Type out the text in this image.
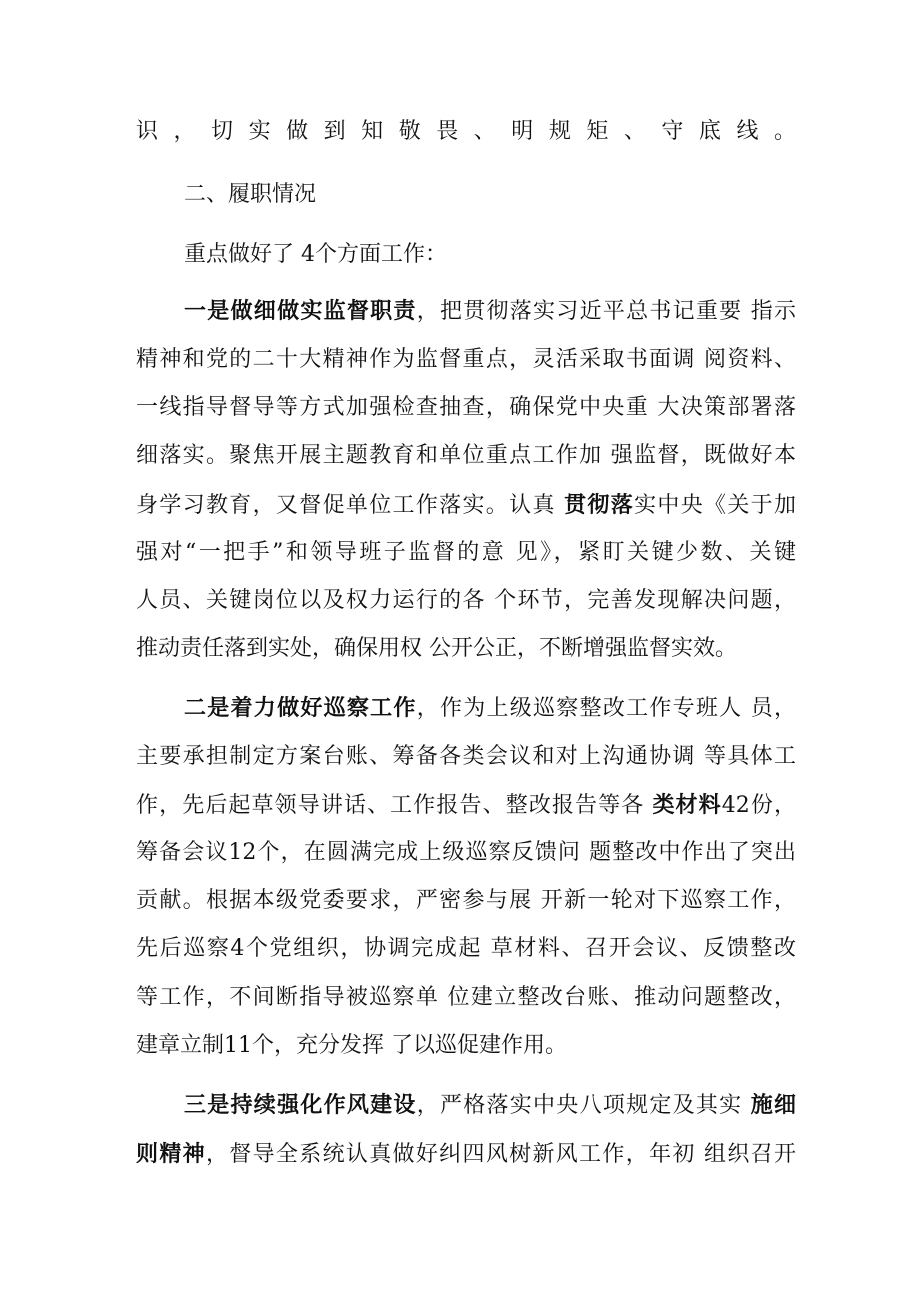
识，切实做到知敬畏、明规矩、守底线。
二、履职情况
重点做好了 4个方面工作：
一是做细做实监督职责，把贯彻落实习近平总书记重要 指示
精神和党的二十大精神作为监督重点，灵活采取书面调 阅资料、
一线指导督导等方式加强检查抽查，确保党中央重 大决策部署落
细落实。聚焦开展主题教育和单位重点工作加 强监督，既做好本
身学习教育，又督促单位工作落实。认真 贯彻落实中央《关于加
强对“一把手”和领导班子监督的意 见》，紧盯关键少数、关键
人员、关键岗位以及权力运行的各 个环节，完善发现解决问题，
推动责任落到实处，确保用权 公开公正，不断增强监督实效。
二是着力做好巡察工作，作为上级巡察整改工作专班人 员，
主要承担制定方案台账、筹备各类会议和对上沟通协调 等具体工
作，先后起草领导讲话、工作报告、整改报告等各 类材料42份，
筹备会议12个，在圆满完成上级巡察反馈问 题整改中作出了突出
贡献。根据本级党委要求，严密参与展 开新一轮对下巡察工作，
先后巡察4个党组织，协调完成起 草材料、召开会议、反馈整改
等工作，不间断指导被巡察单 位建立整改台账、推动问题整改，
建章立制11个，充分发挥 了以巡促建作用。
三是持续强化作风建设，严格落实中央八项规定及其实 施细
则精神，督导全系统认真做好纠四风树新风工作，年初 组织召开
